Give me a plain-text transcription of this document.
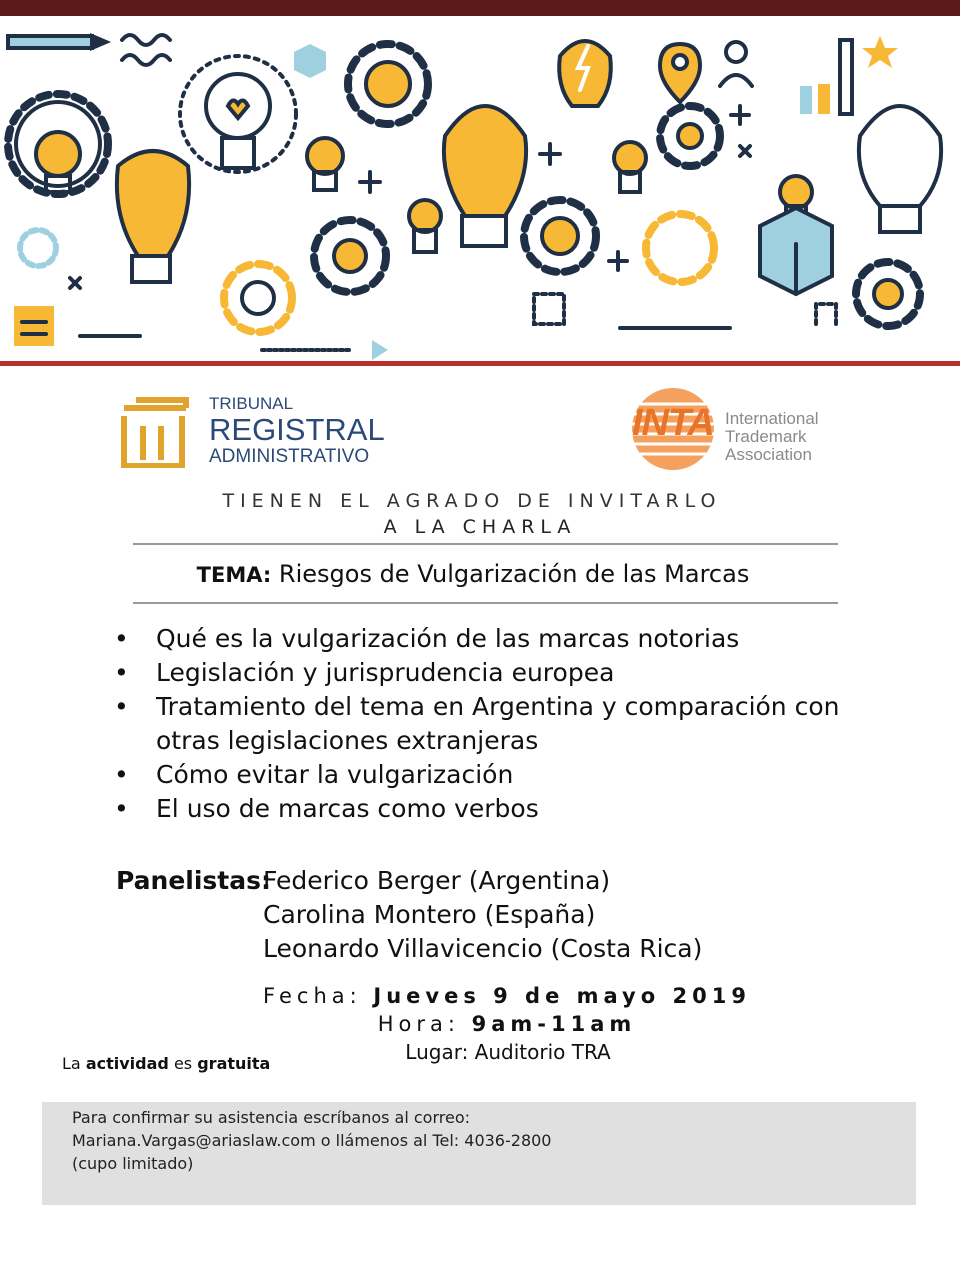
TRIBUNAL
REGISTRAL
ADMINISTRATIVO
INTA International
Trademark
Association
TIENEN EL AGRADO DE INVITARLO
A LA CHARLA
TEMA: Riesgos de Vulgarización de las Marcas
• Qué es la vulgarización de las marcas notorias
• Legislación y jurisprudencia europea
• Tratamiento del tema en Argentina y comparación con otras legislaciones extranjeras
• Cómo evitar la vulgarización
• El uso de marcas como verbos
Panelistas:
Federico Berger (Argentina)
Carolina Montero (España)
Leonardo Villavicencio (Costa Rica)
Fecha: Jueves 9 de mayo 2019
Hora: 9am-11am
Lugar: Auditorio TRA
La actividad es gratuita
Para confirmar su asistencia escríbanos al correo:
Mariana.Vargas@ariaslaw.com o llámenos al Tel: 4036-2800
(cupo limitado)
